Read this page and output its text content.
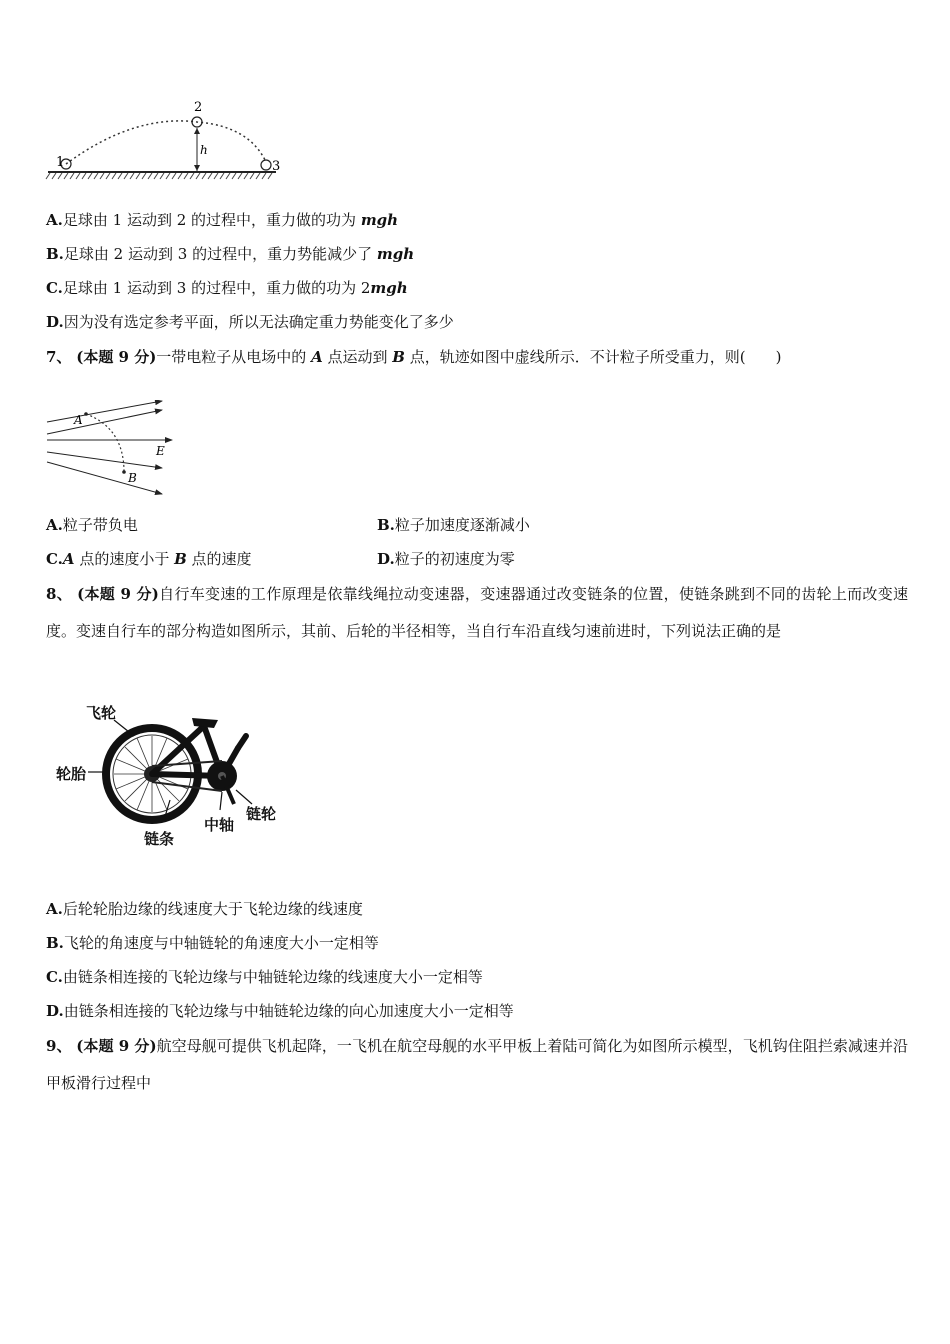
1
2
3
h
A.足球由 1 运动到 2 的过程中，重力做的功为 mgh
B.足球由 2 运动到 3 的过程中，重力势能减少了 mgh
C.足球由 1 运动到 3 的过程中，重力做的功为 2mgh
D.因为没有选定参考平面，所以无法确定重力势能变化了多少
7、 (本题 9 分)一带电粒子从电场中的 A 点运动到 B 点，轨迹如图中虚线所示．不计粒子所受重力，则(　　)
A
B
E
A.粒子带负电	B.粒子加速度逐渐减小
C.A 点的速度小于 B 点的速度	D.粒子的初速度为零
8、 (本题 9 分)自行车变速的工作原理是依靠线绳拉动变速器，变速器通过改变链条的位置，使链条跳到不同的齿轮上而改变速度。变速自行车的部分构造如图所示，其前、后轮的半径相等，当自行车沿直线匀速前进时，下列说法正确的是
飞轮
轮胎
链条
中轴
链轮
A.后轮轮胎边缘的线速度大于飞轮边缘的线速度
B.飞轮的角速度与中轴链轮的角速度大小一定相等
C.由链条相连接的飞轮边缘与中轴链轮边缘的线速度大小一定相等
D.由链条相连接的飞轮边缘与中轴链轮边缘的向心加速度大小一定相等
9、 (本题 9 分)航空母舰可提供飞机起降，一飞机在航空母舰的水平甲板上着陆可简化为如图所示模型，飞机钩住阻拦索减速并沿甲板滑行过程中
